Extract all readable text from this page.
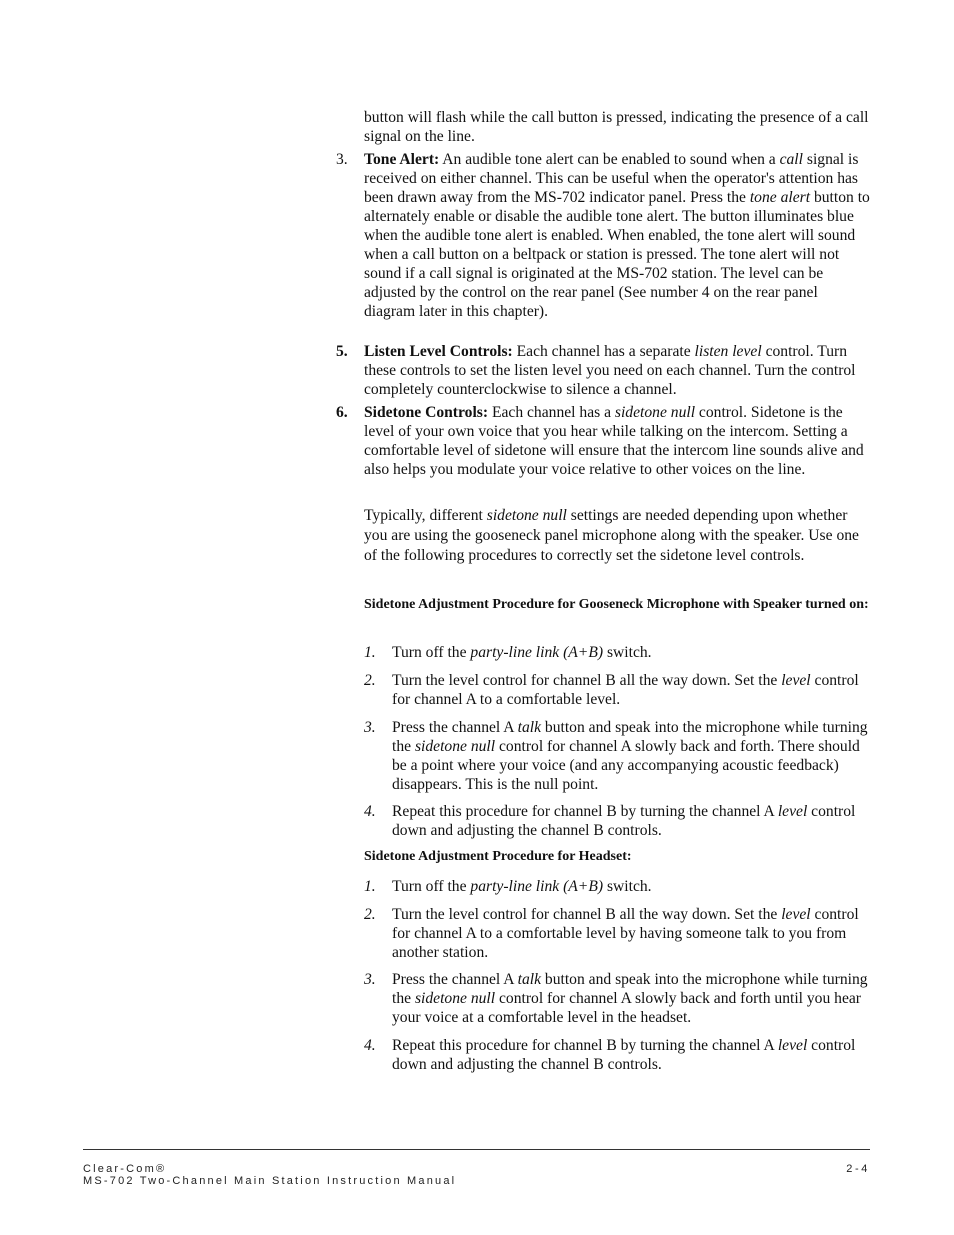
button will flash while the call button is pressed, indicating the presence of a call signal on the line.
3. Tone Alert: An audible tone alert can be enabled to sound when a call signal is received on either channel. This can be useful when the operator's attention has been drawn away from the MS-702 indicator panel. Press the tone alert button to alternately enable or disable the audible tone alert. The button illuminates blue when the audible tone alert is enabled. When enabled, the tone alert will sound when a call button on a beltpack or station is pressed. The tone alert will not sound if a call signal is originated at the MS-702 station. The level can be adjusted by the control on the rear panel (See number 4 on the rear panel diagram later in this chapter).
5. Listen Level Controls: Each channel has a separate listen level control. Turn these controls to set the listen level you need on each channel. Turn the control completely counterclockwise to silence a channel.
6. Sidetone Controls: Each channel has a sidetone null control. Sidetone is the level of your own voice that you hear while talking on the intercom. Setting a comfortable level of sidetone will ensure that the intercom line sounds alive and also helps you modulate your voice relative to other voices on the line.
Typically, different sidetone null settings are needed depending upon whether you are using the gooseneck panel microphone along with the speaker. Use one of the following procedures to correctly set the sidetone level controls.
Sidetone Adjustment Procedure for Gooseneck Microphone with Speaker turned on:
1. Turn off the party-line link (A+B) switch.
2. Turn the level control for channel B all the way down. Set the level control for channel A to a comfortable level.
3. Press the channel A talk button and speak into the microphone while turning the sidetone null control for channel A slowly back and forth. There should be a point where your voice (and any accompanying acoustic feedback) disappears. This is the null point.
4. Repeat this procedure for channel B by turning the channel A level control down and adjusting the channel B controls.
Sidetone Adjustment Procedure for Headset:
1. Turn off the party-line link (A+B) switch.
2. Turn the level control for channel B all the way down. Set the level control for channel A to a comfortable level by having someone talk to you from another station.
3. Press the channel A talk button and speak into the microphone while turning the sidetone null control for channel A slowly back and forth until you hear your voice at a comfortable level in the headset.
4. Repeat this procedure for channel B by turning the channel A level control down and adjusting the channel B controls.
Clear-Com®
MS-702 Two-Channel Main Station Instruction Manual
2-4
